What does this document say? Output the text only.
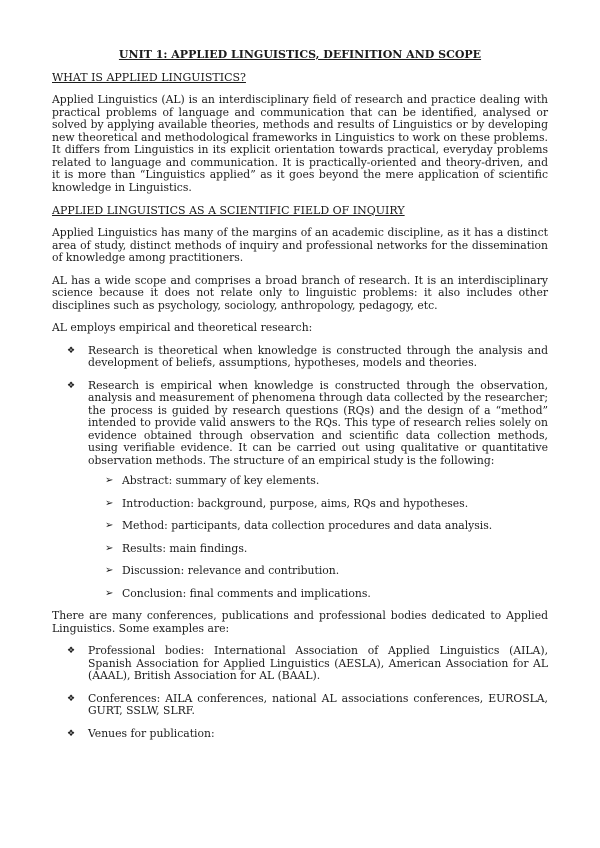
UNIT 1: APPLIED LINGUISTICS, DEFINITION AND SCOPE
WHAT IS APPLIED LINGUISTICS?

Applied Linguistics (AL) is an interdisciplinary field of research and practice dealing with practical problems of language and communication that can be identified, analysed or solved by applying available theories, methods and results of Linguistics or by developing new theoretical and methodological frameworks in Linguistics to work on these problems. It differs from Linguistics in its explicit orientation towards practical, everyday problems related to language and communication. It is practically-oriented and theory-driven, and it is more than “Linguistics applied” as it goes beyond the mere application of scientific knowledge in Linguistics.

APPLIED LINGUISTICS AS A SCIENTIFIC FIELD OF INQUIRY

Applied Linguistics has many of the margins of an academic discipline, as it has a distinct area of study, distinct methods of inquiry and professional networks for the dissemination of knowledge among practitioners.

AL has a wide scope and comprises a broad branch of research. It is an interdisciplinary science because it does not relate only to linguistic problems: it also includes other disciplines such as psychology, sociology, anthropology, pedagogy, etc.

AL employs empirical and theoretical research:

❖ Research is theoretical when knowledge is constructed through the analysis and development of beliefs, assumptions, hypotheses, models and theories.
❖ Research is empirical when knowledge is constructed through the observation, analysis and measurement of phenomena through data collected by the researcher; the process is guided by research questions (RQs) and the design of a “method” intended to provide valid answers to the RQs. This type of research relies solely on evidence obtained through observation and scientific data collection methods, using verifiable evidence. It can be carried out using qualitative or quantitative observation methods. The structure of an empirical study is the following:
➢ Abstract: summary of key elements.
➢ Introduction: background, purpose, aims, RQs and hypotheses.
➢ Method: participants, data collection procedures and data analysis.
➢ Results: main findings.
➢ Discussion: relevance and contribution.
➢ Conclusion: final comments and implications.

There are many conferences, publications and professional bodies dedicated to Applied Linguistics. Some examples are:

❖ Professional bodies: International Association of Applied Linguistics (AILA), Spanish Association for Applied Linguistics (AESLA), American Association for AL (AAAL), British Association for AL (BAAL).
❖ Conferences: AILA conferences, national AL associations conferences, EUROSLA, GURT, SSLW, SLRF.
❖ Venues for publication:
